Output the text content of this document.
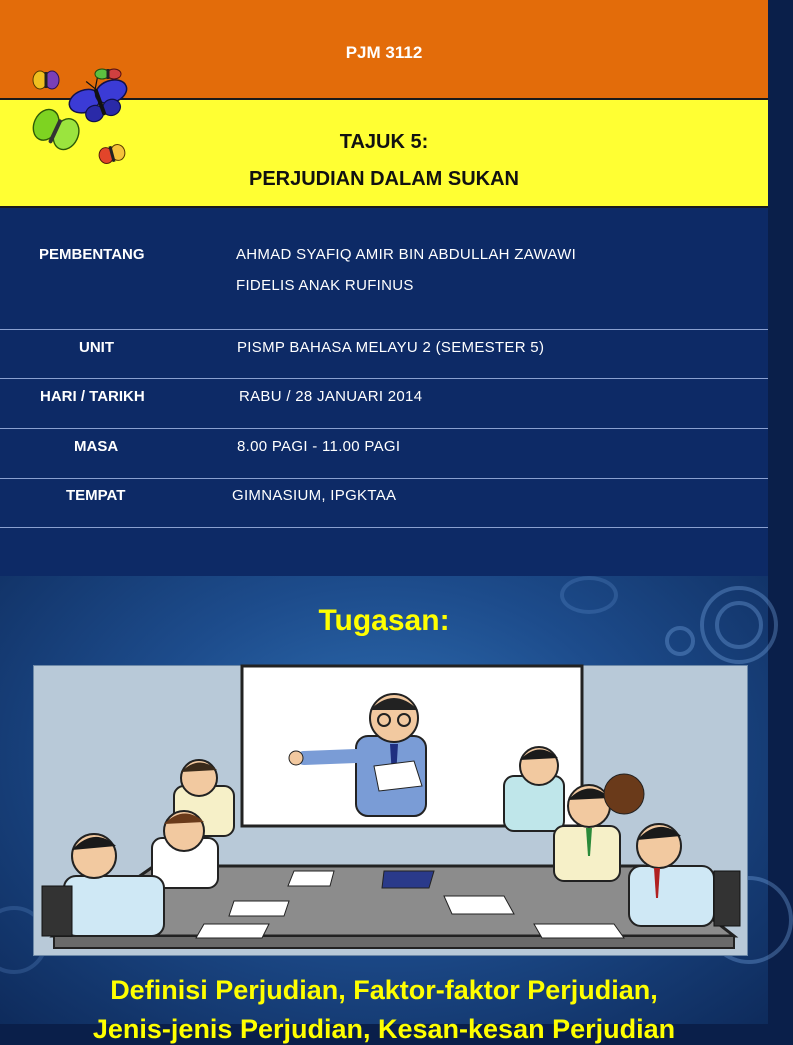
PJM 3112
TAJUK 5:
PERJUDIAN DALAM SUKAN
PEMBENTANG	AHMAD SYAFIQ AMIR BIN ABDULLAH ZAWAWI
FIDELIS ANAK RUFINUS
UNIT	PISMP BAHASA MELAYU 2 (SEMESTER 5)
HARI / TARIKH	RABU / 28 JANUARI 2014
MASA	8.00 PAGI - 11.00 PAGI
TEMPAT	GIMNASIUM, IPGKTAA
Tugasan:
Definisi Perjudian, Faktor-faktor Perjudian,
Jenis-jenis Perjudian, Kesan-kesan Perjudian
